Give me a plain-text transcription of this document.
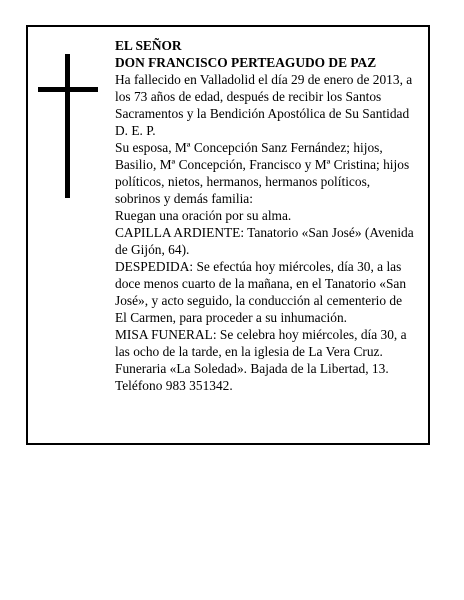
EL SEÑOR
DON FRANCISCO PERTEAGUDO DE PAZ
Ha fallecido en Valladolid el día 29 de enero de 2013, a
los 73 años de edad, después de recibir los Santos
Sacramentos y la Bendición Apostólica de Su Santidad
D. E. P.
Su esposa, Mª Concepción Sanz Fernández; hijos,
Basilio, Mª Concepción, Francisco y Mª Cristina; hijos
políticos, nietos, hermanos, hermanos políticos,
sobrinos y demás familia:
Ruegan una oración por su alma.
CAPILLA ARDIENTE: Tanatorio «San José» (Avenida
de Gijón, 64).
DESPEDIDA: Se efectúa hoy miércoles, día 30, a las
doce menos cuarto de la mañana, en el Tanatorio «San
José», y acto seguido, la conducción al cementerio de
El Carmen, para proceder a su inhumación.
MISA FUNERAL: Se celebra hoy miércoles, día 30, a
las ocho de la tarde, en la iglesia de La Vera Cruz.
Funeraria «La Soledad». Bajada de la Libertad, 13.
Teléfono 983 351342.
